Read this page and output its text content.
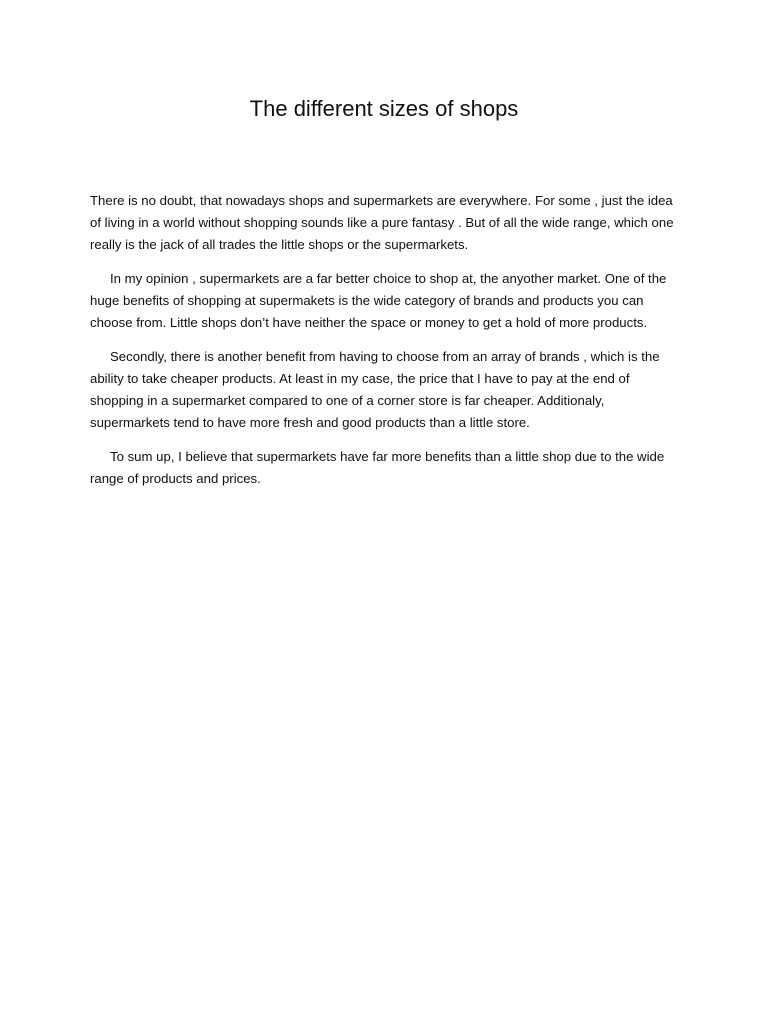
The different sizes of shops

There is no doubt, that nowadays shops and supermarkets are everywhere. For some , just the idea of living in a world without shopping sounds like a pure fantasy . But of all the wide range, which one really is the jack of all trades the little shops or the supermarkets.

In my opinion , supermarkets are a far better choice to shop at, the anyother market. One of the huge benefits of shopping at supermakets is the wide category of brands and products you can choose from. Little shops don’t have neither the space or money to get a hold of more products.

Secondly, there is another benefit from having to choose from an array of brands , which is the ability to take cheaper products. At least in my case, the price that I have to pay at the end of shopping in a supermarket compared to one of a corner store is far cheaper. Additionaly, supermarkets tend to have more fresh and good products than a little store.

To sum up, I believe that supermarkets have far more benefits than a little shop due to the wide range of products and prices.
